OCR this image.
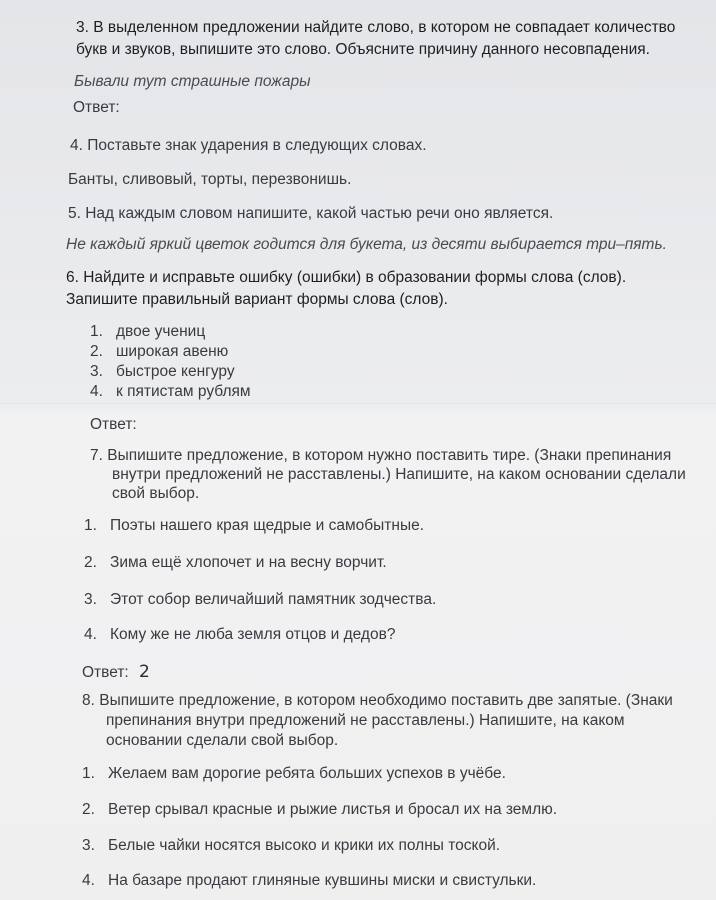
3. В выделенном предложении найдите слово, в котором не совпадает количество
букв и звуков, выпишите это слово. Объясните причину данного несовпадения.
Бывали тут страшные пожары
Ответ:
4. Поставьте знак ударения в следующих словах.
Банты, сливовый, торты, перезвонишь.
5. Над каждым словом напишите, какой частью речи оно является.
Не каждый яркий цветок годится для букета, из десяти выбирается три–пять.
6. Найдите и исправьте ошибку (ошибки) в образовании формы слова (слов).
Запишите правильный вариант формы слова (слов).
1. двое учениц
2. широкая авеню
3. быстрое кенгуру
4. к пятистам рублям
Ответ:
7. Выпишите предложение, в котором нужно поставить тире. (Знаки препинания
внутри предложений не расставлены.) Напишите, на каком основании сделали
свой выбор.
1. Поэты нашего края щедрые и самобытные.
2. Зима ещё хлопочет и на весну ворчит.
3. Этот собор величайший памятник зодчества.
4. Кому же не люба земля отцов и дедов?
Ответ: 2
8. Выпишите предложение, в котором необходимо поставить две запятые. (Знаки
препинания внутри предложений не расставлены.) Напишите, на каком
основании сделали свой выбор.
1. Желаем вам дорогие ребята больших успехов в учёбе.
2. Ветер срывал красные и рыжие листья и бросал их на землю.
3. Белые чайки носятся высоко и крики их полны тоской.
4. На базаре продают глиняные кувшины миски и свистульки.
